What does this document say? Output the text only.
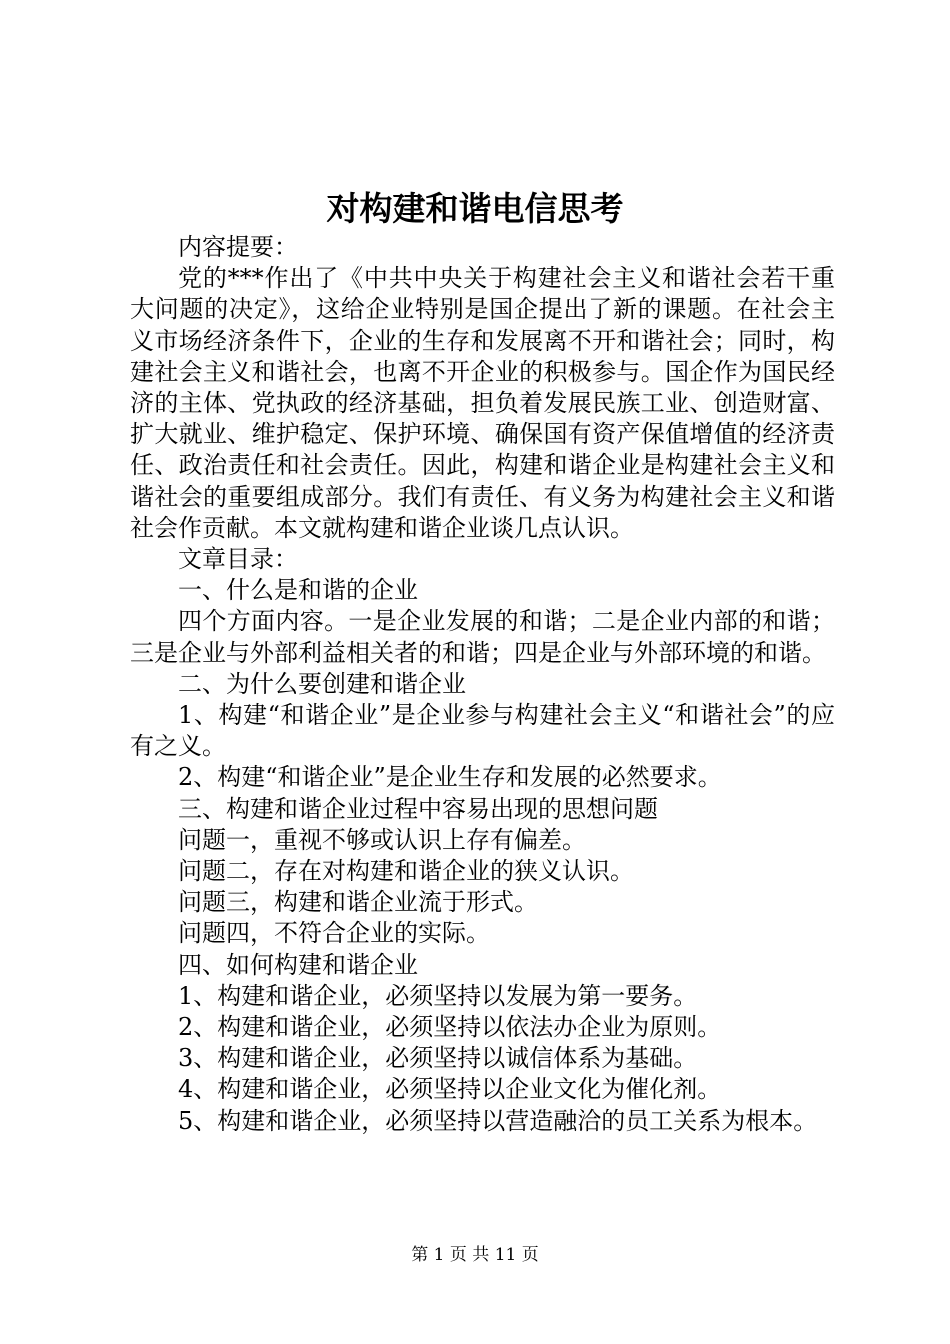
对构建和谐电信思考

内容提要：

党的***作出了《中共中央关于构建社会主义和谐社会若干重大问题的决定》，这给企业特别是国企提出了新的课题。在社会主义市场经济条件下，企业的生存和发展离不开和谐社会；同时，构建社会主义和谐社会，也离不开企业的积极参与。国企作为国民经济的主体、党执政的经济基础，担负着发展民族工业、创造财富、扩大就业、维护稳定、保护环境、确保国有资产保值增值的经济责任、政治责任和社会责任。因此，构建和谐企业是构建社会主义和谐社会的重要组成部分。我们有责任、有义务为构建社会主义和谐社会作贡献。本文就构建和谐企业谈几点认识。

文章目录：

一、什么是和谐的企业

四个方面内容。一是企业发展的和谐；二是企业内部的和谐；三是企业与外部利益相关者的和谐；四是企业与外部环境的和谐。

二、为什么要创建和谐企业

1、构建“和谐企业”是企业参与构建社会主义“和谐社会”的应有之义。

2、构建“和谐企业”是企业生存和发展的必然要求。

三、构建和谐企业过程中容易出现的思想问题

问题一，重视不够或认识上存有偏差。

问题二，存在对构建和谐企业的狭义认识。

问题三，构建和谐企业流于形式。

问题四，不符合企业的实际。

四、如何构建和谐企业

1、构建和谐企业，必须坚持以发展为第一要务。

2、构建和谐企业，必须坚持以依法办企业为原则。

3、构建和谐企业，必须坚持以诚信体系为基础。

4、构建和谐企业，必须坚持以企业文化为催化剂。

5、构建和谐企业，必须坚持以营造融洽的员工关系为根本。

第 1 页 共 11 页
